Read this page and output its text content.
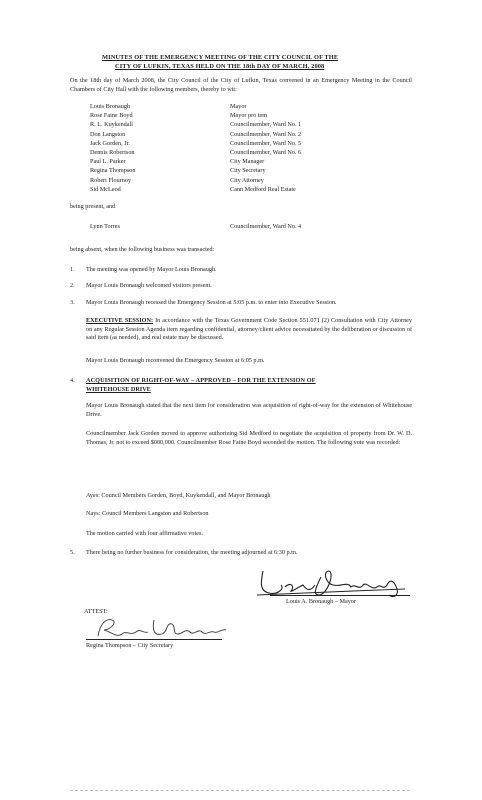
MINUTES OF THE EMERGENCY MEETING OF THE CITY COUNCIL OF THE
CITY OF LUFKIN, TEXAS HELD ON THE 18th DAY OF MARCH, 2008
On the 18th day of March 2008, the City Council of the City of Lufkin, Texas convened in an Emergency Meeting in the Council Chambers of City Hall with the following members, thereby to wit:
Louis Bronaugh	Mayor
Rose Faine Boyd	Mayor pro tem
R. L. Kuykendall	Councilmember, Ward No. 1
Don Langston	Councilmember, Ward No. 2
Jack Gorden, Jr.	Councilmember, Ward No. 5
Dennis Robertson	Councilmember, Ward No. 6
Paul L. Parker	City Manager
Regina Thompson	City Secretary
Robert Flournoy	City Attorney
Sid McLeod	Cann Medford Real Estate
being present, and
Lynn Torres	Councilmember, Ward No. 4
being absent, when the following business was transacted:
1. The meeting was opened by Mayor Louis Bronaugh.
2. Mayor Louis Bronaugh welcomed visitors present.
3. Mayor Louis Bronaugh recessed the Emergency Session at 5:05 p.m. to enter into Executive Session.
EXECUTIVE SESSION: In accordance with the Texas Government Code Section 551.071 (2) Consultation with City Attorney on any Regular Session Agenda item regarding confidential, attorney/client advice necessitated by the deliberation or discussion of said item (as needed), and real estate may be discussed.
Mayor Louis Bronaugh reconvened the Emergency Session at 6:05 p.m.
4. ACQUISITION OF RIGHT-OF-WAY – APPROVED – FOR THE EXTENSION OF
WHITEHOUSE DRIVE
Mayor Louis Bronaugh stated that the next item for consideration was acquisition of right-of-way for the extension of Whitehouse Drive.
Councilmember Jack Gorden moved to approve authorizing Sid Medford to negotiate the acquisition of property from Dr. W. D. Thomas, Jr. not to exceed $000,000. Councilmember Rose Faine Boyd seconded the motion. The following vote was recorded:
Ayes: Council Members Gorden, Boyd, Kuykendall, and Mayor Bronaugh
Nays: Council Members Langston and Robertson
The motion carried with four affirmative votes.
5. There being no further business for consideration, the meeting adjourned at 6:30 p.m.
Louis A. Bronaugh – Mayor
ATTEST:
Regina Thompson – City Secretary
